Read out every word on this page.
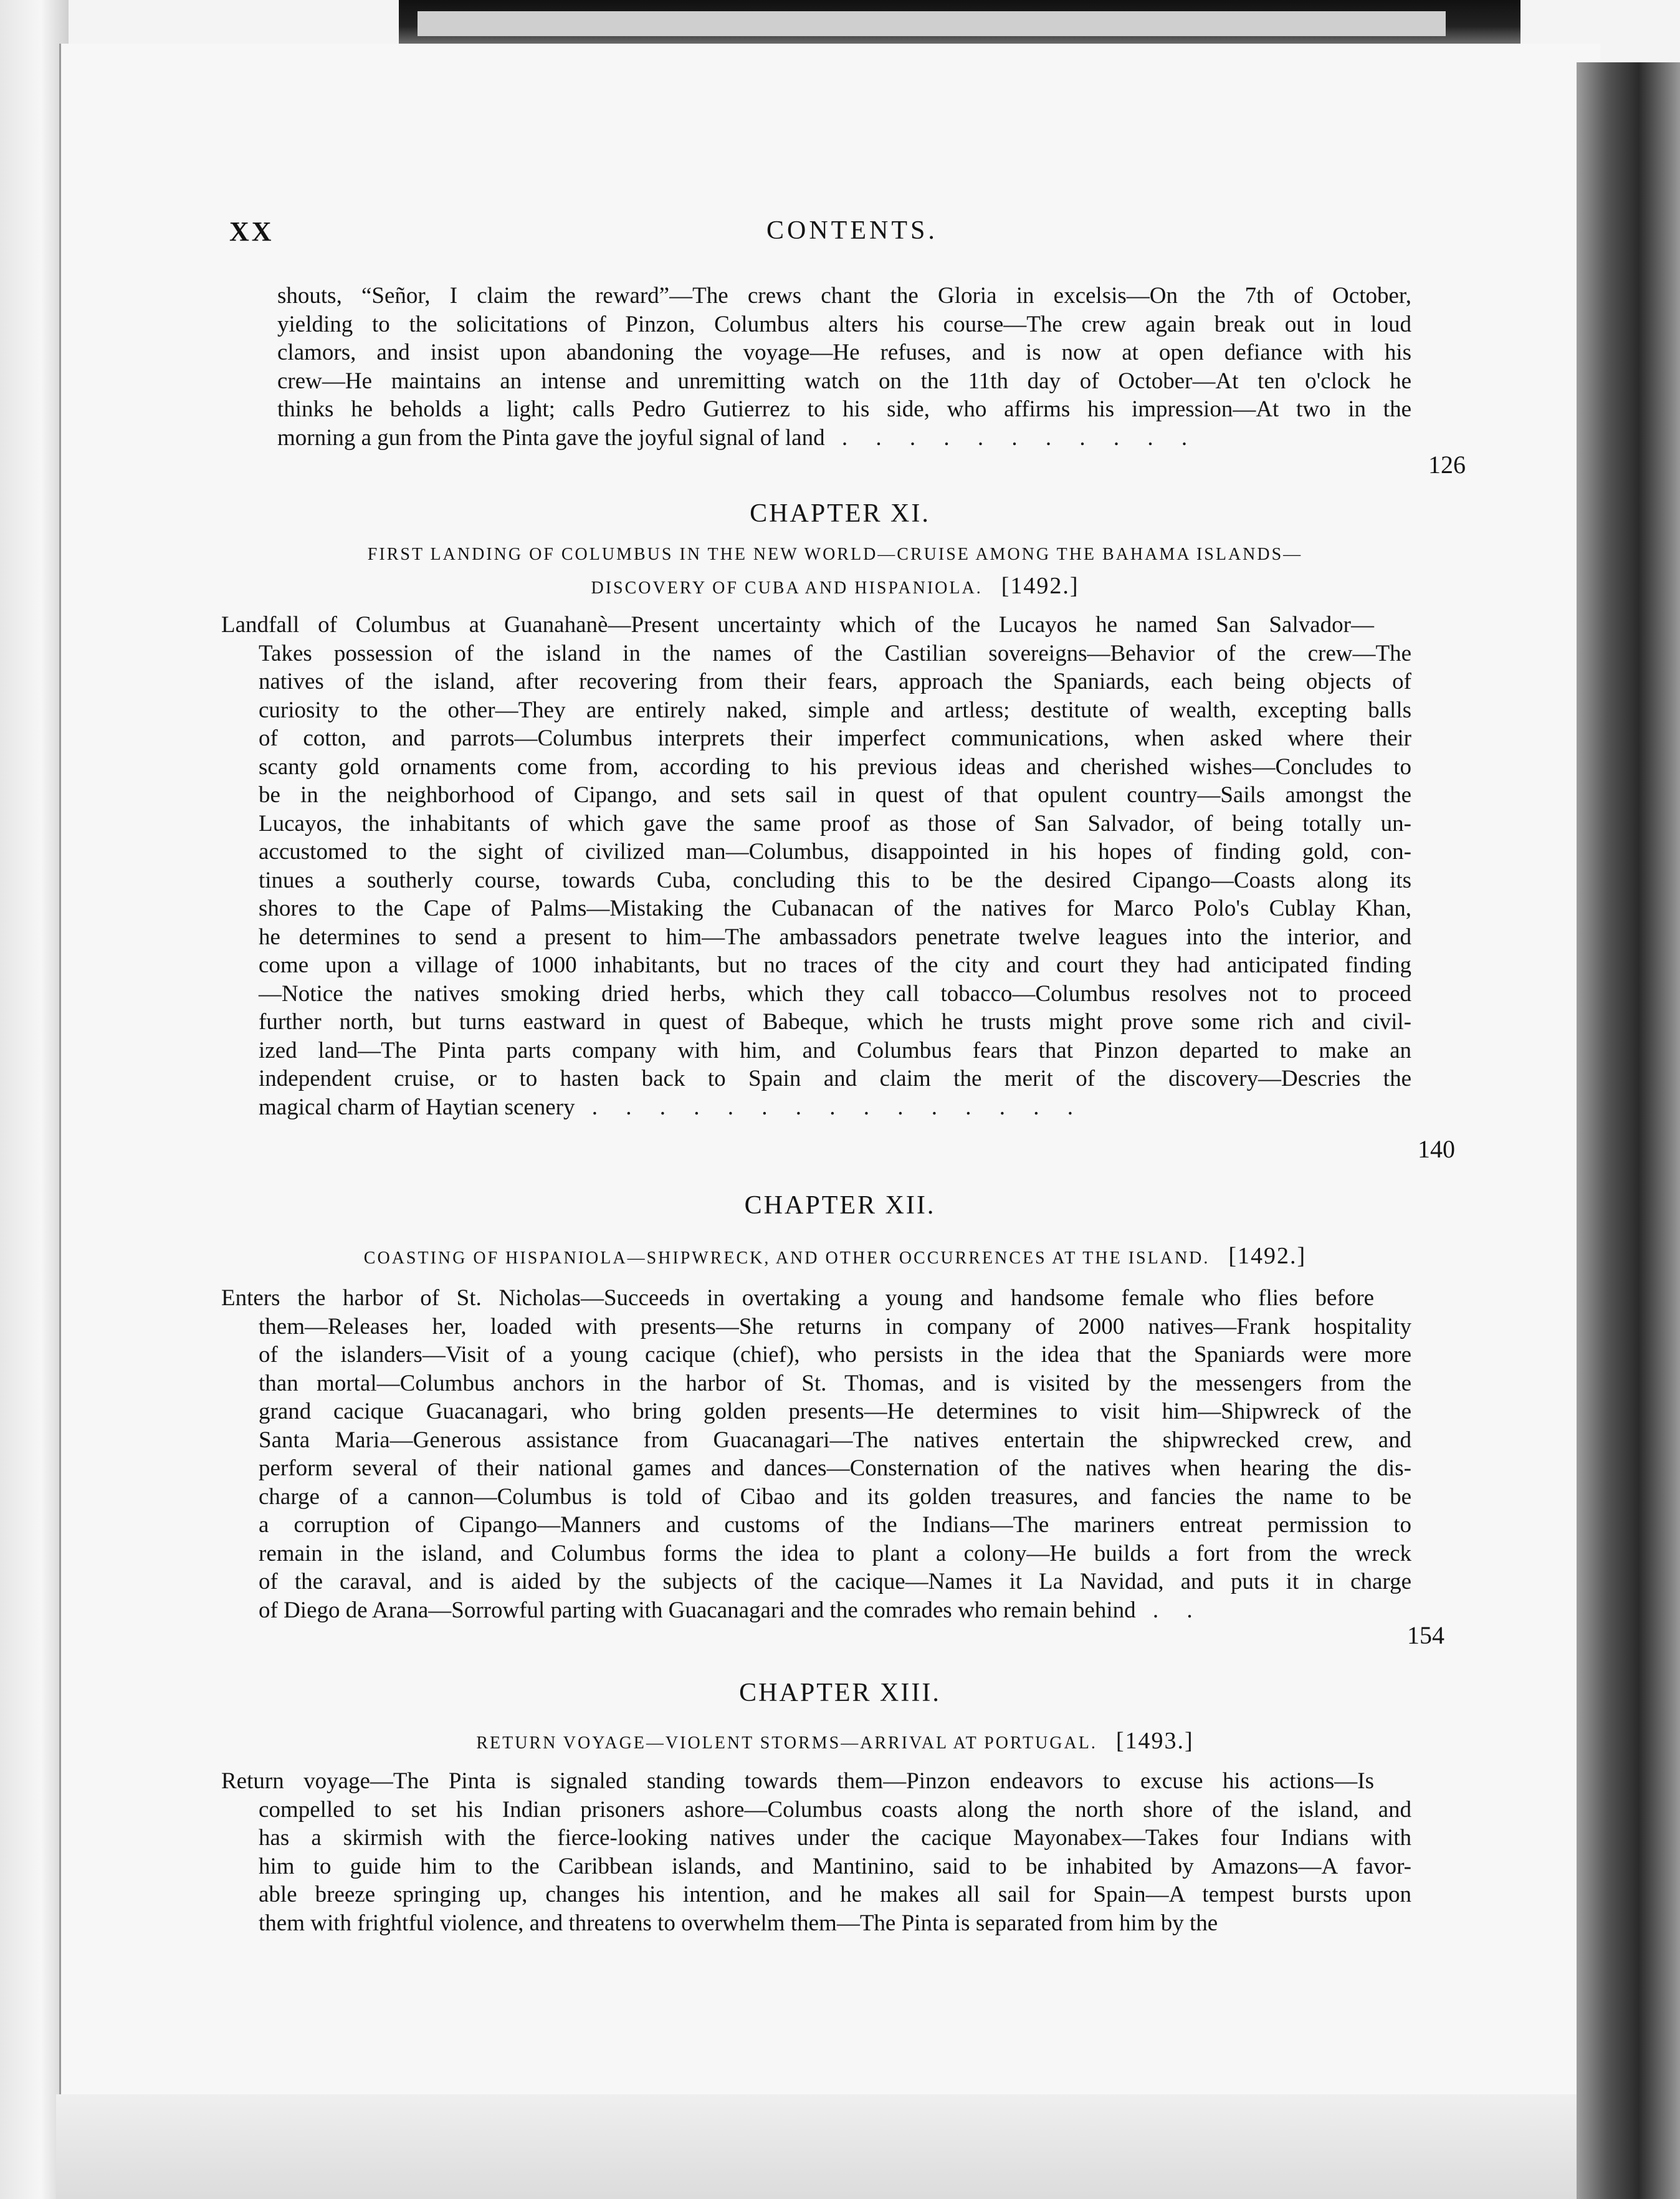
XX	CONTENTS.
shouts, “Señor, I claim the reward”—The crews chant the Gloria in excelsis—On the 7th of October,
yielding to the solicitations of Pinzon, Columbus alters his course—The crew again break out in loud
clamors, and insist upon abandoning the voyage—He refuses, and is now at open defiance with his
crew—He maintains an intense and unremitting watch on the 11th day of October—At ten o'clock he
thinks he beholds a light; calls Pedro Gutierrez to his side, who affirms his impression—At two in the
morning a gun from the Pinta gave the joyful signal of land . . . . . . . . . . .
126
CHAPTER XI.
FIRST LANDING OF COLUMBUS IN THE NEW WORLD—CRUISE AMONG THE BAHAMA ISLANDS—
DISCOVERY OF CUBA AND HISPANIOLA. [1492.]
Landfall of Columbus at Guanahanè—Present uncertainty which of the Lucayos he named San Salvador—
Takes possession of the island in the names of the Castilian sovereigns—Behavior of the crew—The
natives of the island, after recovering from their fears, approach the Spaniards, each being objects of
curiosity to the other—They are entirely naked, simple and artless; destitute of wealth, excepting balls
of cotton, and parrots—Columbus interprets their imperfect communications, when asked where their
scanty gold ornaments come from, according to his previous ideas and cherished wishes—Concludes to
be in the neighborhood of Cipango, and sets sail in quest of that opulent country—Sails amongst the
Lucayos, the inhabitants of which gave the same proof as those of San Salvador, of being totally un-
accustomed to the sight of civilized man—Columbus, disappointed in his hopes of finding gold, con-
tinues a southerly course, towards Cuba, concluding this to be the desired Cipango—Coasts along its
shores to the Cape of Palms—Mistaking the Cubanacan of the natives for Marco Polo's Cublay Khan,
he determines to send a present to him—The ambassadors penetrate twelve leagues into the interior, and
come upon a village of 1000 inhabitants, but no traces of the city and court they had anticipated finding
—Notice the natives smoking dried herbs, which they call tobacco—Columbus resolves not to proceed
further north, but turns eastward in quest of Babeque, which he trusts might prove some rich and civil-
ized land—The Pinta parts company with him, and Columbus fears that Pinzon departed to make an
independent cruise, or to hasten back to Spain and claim the merit of the discovery—Descries the
magical charm of Haytian scenery . . . . . . . . . . . . . . .
140
CHAPTER XII.
COASTING OF HISPANIOLA—SHIPWRECK, AND OTHER OCCURRENCES AT THE ISLAND. [1492.]
Enters the harbor of St. Nicholas—Succeeds in overtaking a young and handsome female who flies before
them—Releases her, loaded with presents—She returns in company of 2000 natives—Frank hospitality
of the islanders—Visit of a young cacique (chief), who persists in the idea that the Spaniards were more
than mortal—Columbus anchors in the harbor of St. Thomas, and is visited by the messengers from the
grand cacique Guacanagari, who bring golden presents—He determines to visit him—Shipwreck of the
Santa Maria—Generous assistance from Guacanagari—The natives entertain the shipwrecked crew, and
perform several of their national games and dances—Consternation of the natives when hearing the dis-
charge of a cannon—Columbus is told of Cibao and its golden treasures, and fancies the name to be
a corruption of Cipango—Manners and customs of the Indians—The mariners entreat permission to
remain in the island, and Columbus forms the idea to plant a colony—He builds a fort from the wreck
of the caraval, and is aided by the subjects of the cacique—Names it La Navidad, and puts it in charge
of Diego de Arana—Sorrowful parting with Guacanagari and the comrades who remain behind . .
154
CHAPTER XIII.
RETURN VOYAGE—VIOLENT STORMS—ARRIVAL AT PORTUGAL. [1493.]
Return voyage—The Pinta is signaled standing towards them—Pinzon endeavors to excuse his actions—Is
compelled to set his Indian prisoners ashore—Columbus coasts along the north shore of the island, and
has a skirmish with the fierce-looking natives under the cacique Mayonabex—Takes four Indians with
him to guide him to the Caribbean islands, and Mantinino, said to be inhabited by Amazons—A favor-
able breeze springing up, changes his intention, and he makes all sail for Spain—A tempest bursts upon
them with frightful violence, and threatens to overwhelm them—The Pinta is separated from him by the
